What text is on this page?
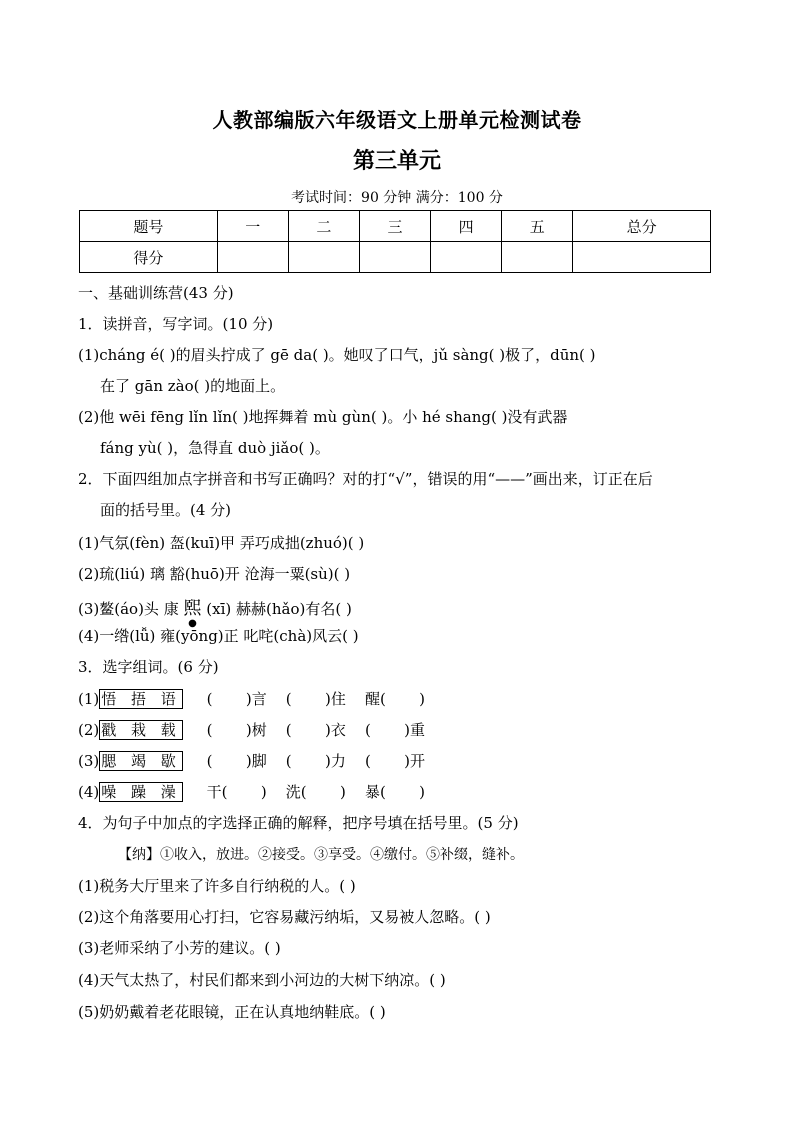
人教部编版六年级语文上册单元检测试卷
第三单元
考试时间：90 分钟 满分：100 分
题号	一	二	三	四	五	总分
得分						
一、基础训练营(43 分)
1．读拼音，写字词。(10 分)
(1)cháng é( )的眉头拧成了 gē da( )。她叹了口气，jǔ sàng( )极了，dūn( )
在了 gān zào( )的地面上。
(2)他 wēi fēng lǐn lǐn( )地挥舞着 mù gùn( )。小 hé shang( )没有武器
fáng yù( )，急得直 duò jiǎo( )。
2．下面四组加点字拼音和书写正确吗？对的打“√”，错误的用“——”画出来，订正在后
面的括号里。(4 分)
(1)气氛(fèn) 盔(kuī)甲 弄巧成拙(zhuó)( )
(2)琉(liú) 璃 豁(huō)开 沧海一粟(sù)( )
(3)鳌(áo)头 康 熙
●
(xī) 赫赫(hǎo)有名( )
(4)一绺(lǚ) 雍(yōng)正 叱咤(chà)风云( )
3．选字组词。(6 分)
(1) 悟 捂 语     (       )言    (       )住    醒(       )
(2) 戳 栽 载     (       )树    (       )衣    (       )重
(3) 腮 竭 歇     (       )脚    (       )力    (       )开
(4) 噪 躁 澡     干(       )    洗(       )    暴(       )
4．为句子中加点的字选择正确的解释，把序号填在括号里。(5 分)
【纳】①收入，放进。②接受。③享受。④缴付。⑤补缀，缝补。
(1)税务大厅里来了许多自行纳税的人。( )
(2)这个角落要用心打扫，它容易藏污纳垢，又易被人忽略。( )
(3)老师采纳了小芳的建议。( )
(4)天气太热了，村民们都来到小河边的大树下纳凉。( )
(5)奶奶戴着老花眼镜，正在认真地纳鞋底。( )
